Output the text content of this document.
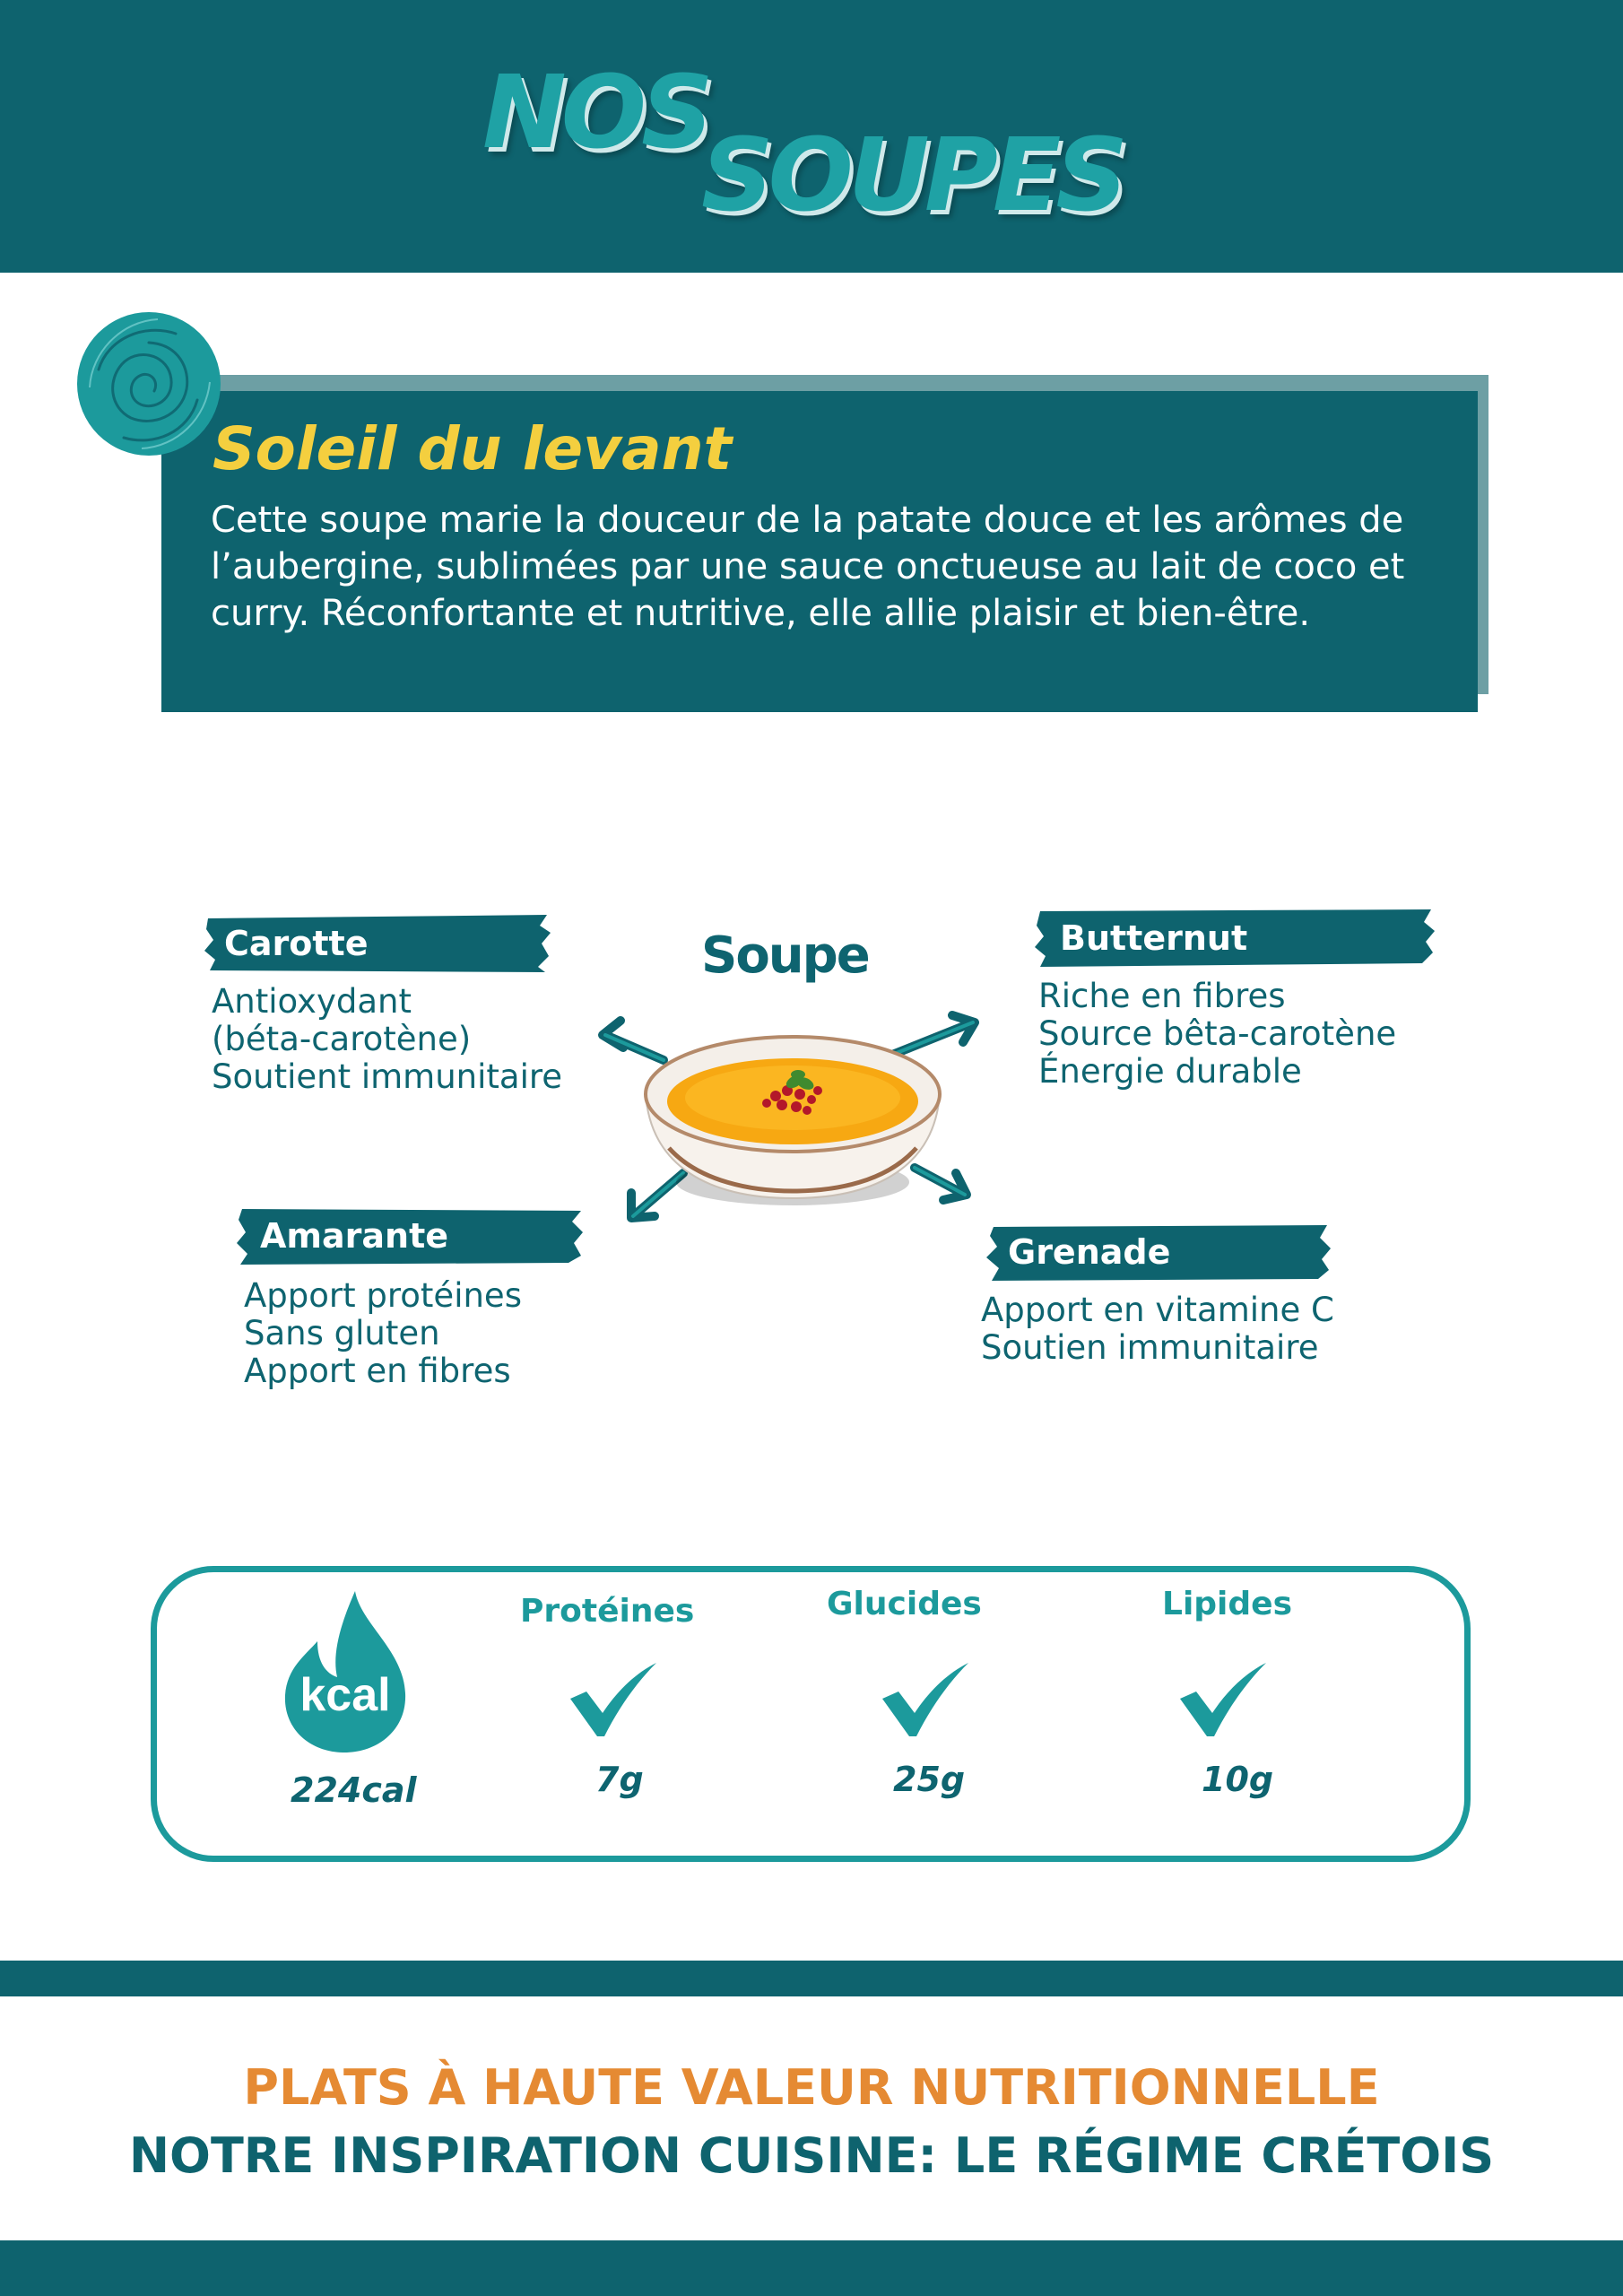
NOS
SOUPES
Soleil du levant

Cette soupe marie la douceur de la patate douce et les arômes de l’aubergine, sublimées par une sauce onctueuse au lait de coco et curry. Réconfortante et nutritive, elle allie plaisir et bien-être.

Soupe
Carotte
Antioxydant
(béta-carotène)
Soutient immunitaire
Butternut
Riche en fibres
Source bêta-carotène
Énergie durable
Amarante
Apport protéines
Sans gluten
Apport en fibres
Grenade
Apport en vitamine C
Soutien immunitaire
kcal
224cal
Protéines
7g
Glucides
25g
Lipides
10g
PLATS À HAUTE VALEUR NUTRITIONNELLE
NOTRE INSPIRATION CUISINE: LE RÉGIME CRÉTOIS
